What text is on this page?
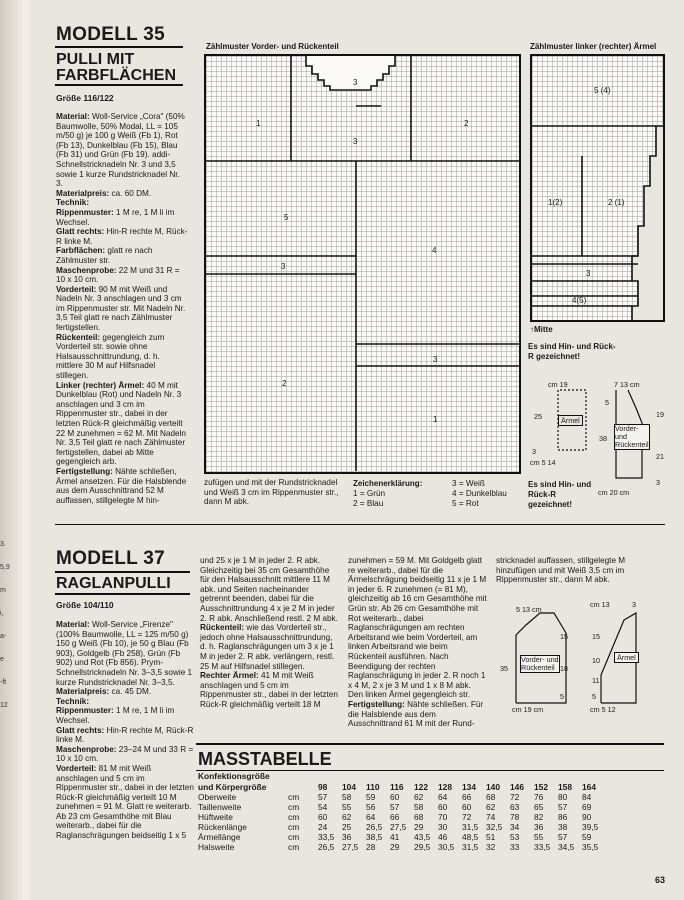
3.
5,9
m
i,
a-
e
-ft
12
MODELL 35
PULLI MIT
FARBFLÄCHEN
Größe 116/122
Material: Woll-Service „Cora" (50% Baumwolle, 50% Modal, LL = 105 m/50 g) je 100 g Weiß (Fb 1), Rot (Fb 13), Dunkelblau (Fb 15), Blau (Fb 31) und Grün (Fb 19). addi-Schnellstricknadeln Nr. 3 und 3,5 sowie 1 kurze Rundstricknadel Nr. 3.
Materialpreis: ca. 60 DM.
Technik:
Rippenmuster: 1 M re, 1 M li im Wechsel.
Glatt rechts: Hin-R rechte M, Rück-R linke M.
Farbflächen: glatt re nach Zählmuster str.
Maschenprobe: 22 M und 31 R = 10 x 10 cm.
Vorderteil: 90 M mit Weiß und Nadeln Nr. 3 anschlagen und 3 cm im Rippenmuster str. Mit Nadeln Nr. 3,5 Teil glatt re nach Zählmuster fertigstellen.
Rückenteil: gegengleich zum Vorderteil str. sowie ohne Halsausschnittrundung, d. h. mittlere 30 M auf Hilfsnadel stillegen.
Linker (rechter) Ärmel: 40 M mit Dunkelblau (Rot) und Nadeln Nr. 3 anschlagen und 3 cm im Rippenmuster str., dabei in der letzten Rück-R gleichmäßig verteilt 22 M zunehmen = 62 M. Mit Nadeln Nr. 3,5 Teil glatt re nach Zählmuster fertigstellen, dabei ab Mitte gegengleich arb.
Fertigstellung: Nähte schließen, Ärmel ansetzen. Für die Halsblende aus dem Ausschnittrand 52 M auffassen, stillgelegte M hin-
Zählmuster Vorder- und Rückenteil
1	2
3
3
5
4
3
3
2
1
zufügen und mit der Rundstricknadel und Weiß 3 cm im Rippenmuster str., dann M abk.
Zeichenerklärung:
1 = Grün
2 = Blau
3 = Weiß
4 = Dunkelblau
5 = Rot
Zählmuster linker (rechter) Ärmel
5 (4)
1(2)	2 (1)
3
4(5)
↑Mitte
Es sind Hin- und Rück-R gezeichnet!
cm 19
25	Ärmel
3
cm 5 14
7 13 cm
5
38
Vorder- und Rückenteil
19
21
3
cm 20 cm
Es sind Hin- und Rück-R gezeichnet!
MODELL 37
RAGLANPULLI
Größe 104/110
Material: Woll-Service „Firenze" (100% Baumwolle, LL = 125 m/50 g) 150 g Weiß (Fb 10), je 50 g Blau (Fb 903), Goldgelb (Fb 258), Grün (Fb 902) und Rot (Fb 856). Prym-Schnellstricknadeln Nr. 3–3,5 sowie 1 kurze Rundstricknadel Nr. 3–3,5.
Materialpreis: ca. 45 DM.
Technik:
Rippenmuster: 1 M re, 1 M li im Wechsel.
Glatt rechts: Hin-R rechte M, Rück-R linke M.
Maschenprobe: 23–24 M und 33 R = 10 x 10 cm.
Vorderteil: 81 M mit Weiß anschlagen und 5 cm im Rippenmuster str., dabei in der letzten Rück-R gleichmäßig verteilt 10 M zunehmen = 91 M. Glatt re weiterarb. Ab 23 cm Gesamthöhe mit Blau weiterarb., dabei für die Raglanschrägungen beidseitig 1 x 5
und 25 x je 1 M in jeder 2. R abk. Gleichzeitig bei 35 cm Gesamthöhe für den Halsausschnitt mittlere 11 M abk. und Seiten nacheinander getrennt beenden, dabei für die Ausschnittrundung 4 x je 2 M in jeder 2. R abk. Anschließend restl. 2 M abk.
Rückenteil: wie das Vorderteil str., jedoch ohne Halsausschnittrundung, d. h. Raglanschrägungen um 3 x je 1 M in jeder 2. R abk. verlängern, restl. 25 M auf Hilfsnadel stillegen.
Rechter Ärmel: 41 M mit Weiß anschlagen und 5 cm im Rippenmuster str., dabei in der letzten Rück-R gleichmäßig verteilt 18 M
zunehmen = 59 M. Mit Goldgelb glatt re weiterarb., dabei für die Ärmelschrägung beidseitig 11 x je 1 M in jeder 6. R zunehmen (= 81 M), gleichzeitig ab 16 cm Gesamthöhe mit Grün str. Ab 26 cm Gesamthöhe mit Rot weiterarb., dabei Raglanschrägungen am rechten Arbeitsrand wie beim Vorderteil, am linken Arbeitsrand wie beim Rückenteil ausführen. Nach Beendigung der rechten Raglanschrägung in jeder 2. R noch 1 x 4 M, 2 x je 3 M und 1 x 8 M abk. Den linken Ärmel gegengleich str.
Fertigstellung: Nähte schließen. Für die Halsblende aus dem Ausschnittrand 61 M mit der Rund-
stricknadel auffassen, stillgelegte M hinzufügen und mit Weiß 3,5 cm im Rippenmuster str., dann M abk.
5 13 cm
35
Vorder- und Rückenteil
15
18
5
cm 19 cm
cm 13	3
15
10
11
5
Ärmel
cm 5 12
MASSTABELLE
Konfektionsgröße
und Körpergröße
			98	104	110	116	122	128	134	140	146	152	158	164
Oberweite	cm	57	58	59	60	62	64	66	68	72	76	80	84
Taillenweite	cm	54	55	56	57	58	60	60	62	63	65	57	69
Hüftweite	cm	60	62	64	66	68	70	72	74	78	82	86	90
Rückenlänge	cm	24	25	26,5	27,5	29	30	31,5	32,5	34	36	38	39,5
Ärmellänge	cm	33,5	36	38,5	41	43,5	46	48,5	51	53	55	57	59
Halsweite	cm	26,5	27,5	28	29	29,5	30,5	31,5	32	33	33,5	34,5	35,5
63
